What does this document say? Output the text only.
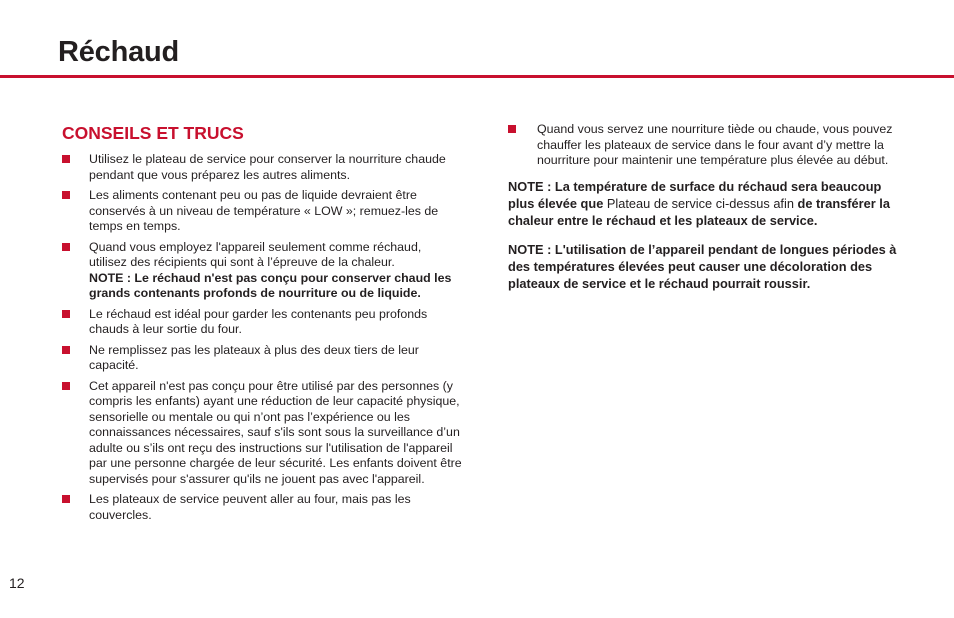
Réchaud
CONSEILS ET TRUCS
Utilisez le plateau de service pour conserver la nourriture chaude pendant que vous préparez les autres aliments.
Les aliments contenant peu ou pas de liquide devraient être conservés à un niveau de température « LOW »; remuez-les de temps en temps.
Quand vous employez l'appareil seulement comme réchaud, utilisez des récipients qui sont à l’épreuve de la chaleur.
NOTE : Le réchaud n'est pas conçu pour conserver chaud les grands contenants profonds de nourriture ou de liquide.
Le réchaud est idéal pour garder les contenants peu profonds chauds à leur sortie du four.
Ne remplissez pas les plateaux à plus des deux tiers de leur capacité.
Cet appareil n'est pas conçu pour être utilisé par des personnes (y compris les enfants) ayant une réduction de leur capacité physique, sensorielle ou mentale ou qui n’ont pas l’expérience ou les connaissances nécessaires, sauf s'ils sont sous la surveillance d’un adulte ou s’ils ont reçu des instructions sur l'utilisation de l'appareil par une personne chargée de leur sécurité. Les enfants doivent être supervisés pour s'assurer qu'ils ne jouent pas avec l'appareil.
Les plateaux de service peuvent aller au four, mais pas les couvercles.
Quand vous servez une nourriture tiède ou chaude, vous pouvez chauffer les plateaux de service dans le four avant d’y mettre la nourriture pour maintenir une température plus élevée au début.

NOTE : La température de surface du réchaud sera beaucoup plus élevée que Plateau de service ci-dessus afin de transférer la chaleur entre le réchaud et les plateaux de service.

NOTE : L'utilisation de l’appareil pendant de longues périodes à des températures élevées peut causer une décoloration des plateaux de service et le réchaud pourrait roussir.

12
